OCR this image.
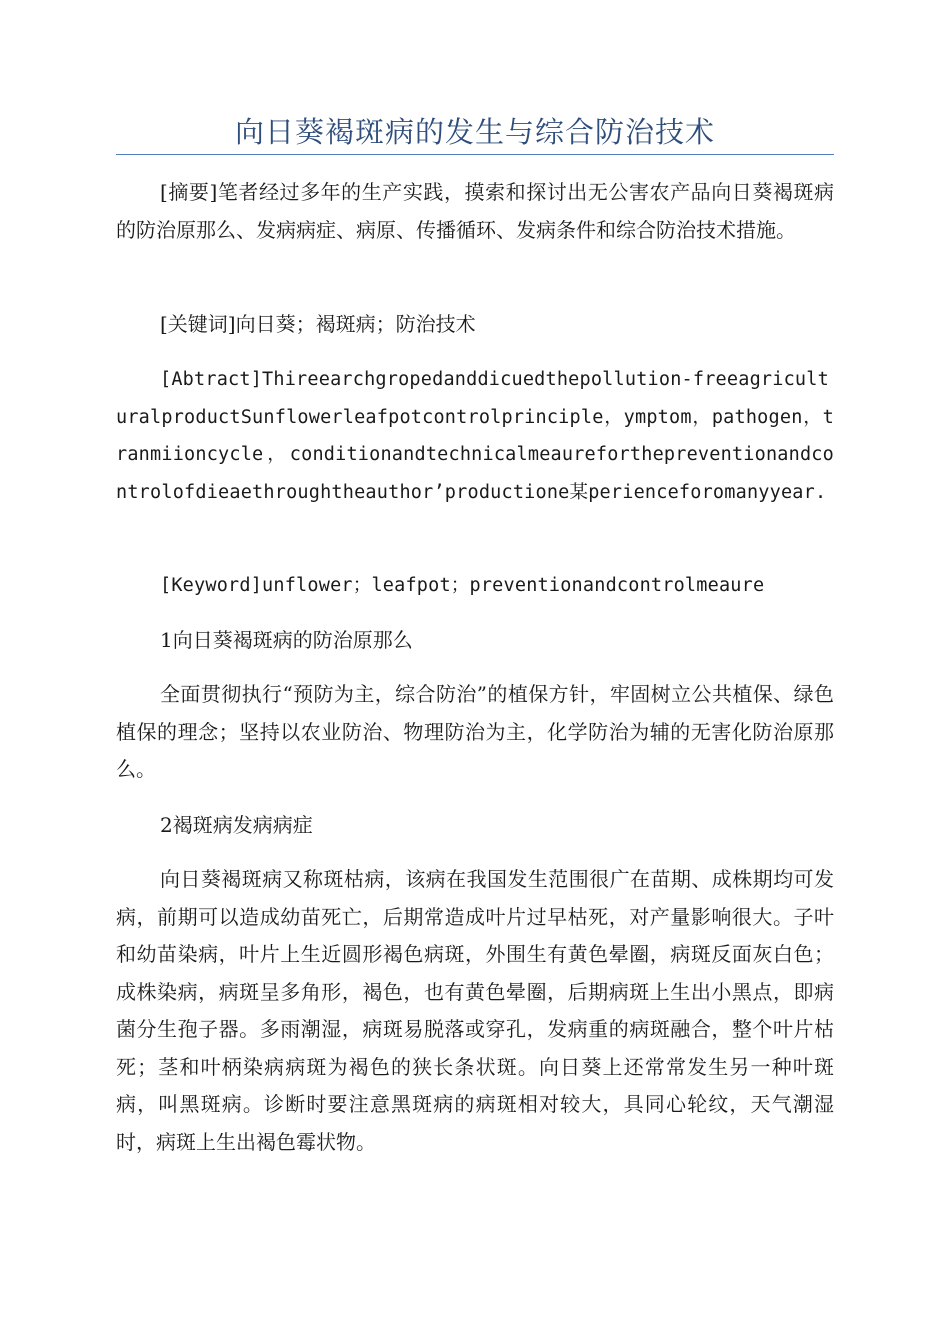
向日葵褐斑病的发生与综合防治技术

[摘要]笔者经过多年的生产实践，摸索和探讨出无公害农产品向日葵褐斑病的防治原那么、发病病症、病原、传播循环、发病条件和综合防治技术措施。

[关键词]向日葵；褐斑病；防治技术

[Abtract]Thireearchgropedanddicuedthepollution-freeagriculturalproductSunflowerleafpotcontrolprinciple，ymptom，pathogen，tranmiioncycle，conditionandtechnicalmeaureforthepreventionandcontrolofdieaethroughtheauthor’productione某perienceforomanyyear.

[Keyword]unflower；leafpot；preventionandcontrolmeaure

1向日葵褐斑病的防治原那么

全面贯彻执行“预防为主，综合防治”的植保方针，牢固树立公共植保、绿色植保的理念；坚持以农业防治、物理防治为主，化学防治为辅的无害化防治原那么。

2褐斑病发病病症

向日葵褐斑病又称斑枯病，该病在我国发生范围很广在苗期、成株期均可发病，前期可以造成幼苗死亡，后期常造成叶片过早枯死，对产量影响很大。子叶和幼苗染病，叶片上生近圆形褐色病斑，外围生有黄色晕圈，病斑反面灰白色；成株染病，病斑呈多角形，褐色，也有黄色晕圈，后期病斑上生出小黑点，即病菌分生孢子器。多雨潮湿，病斑易脱落或穿孔，发病重的病斑融合，整个叶片枯死；茎和叶柄染病病斑为褐色的狭长条状斑。向日葵上还常常发生另一种叶斑病，叫黑斑病。诊断时要注意黑斑病的病斑相对较大，具同心轮纹，天气潮湿时，病斑上生出褐色霉状物。
